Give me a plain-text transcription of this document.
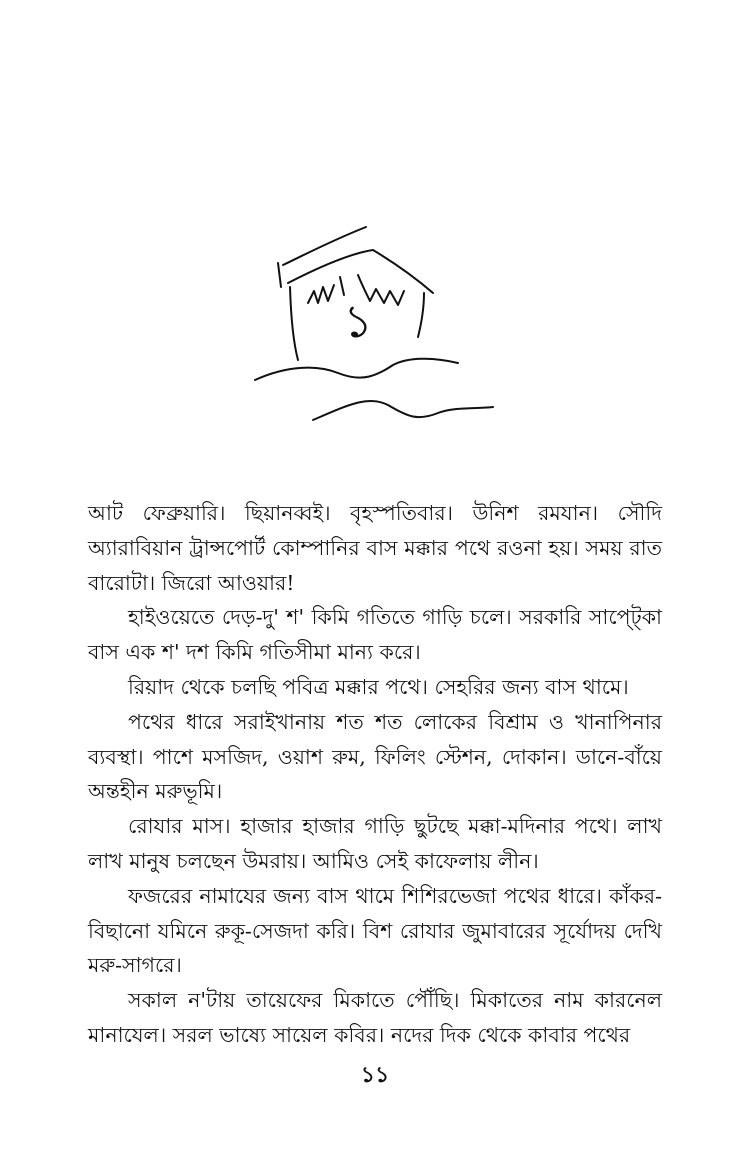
১

আট ফেব্রুয়ারি। ছিয়ানব্বই। বৃহস্পতিবার। উনিশ রমযান। সৌদি অ্যারাবিয়ান ট্রান্সপোর্ট কোম্পানির বাস মক্কার পথে রওনা হয়। সময় রাত বারোটা। জিরো আওয়ার!

হাইওয়েতে দেড়-দু' শ' কিমি গতিতে গাড়ি চলে। সরকারি সাপ্ট্কো বাস এক শ' দশ কিমি গতিসীমা মান্য করে।

রিয়াদ থেকে চলছি পবিত্র মক্কার পথে। সেহরির জন্য বাস থামে।

পথের ধারে সরাইখানায় শত শত লোকের বিশ্রাম ও খানাপিনার ব্যবস্থা। পাশে মসজিদ, ওয়াশ রুম, ফিলিং স্টেশন, দোকান। ডানে-বাঁয়ে অন্তহীন মরুভূমি।

রোযার মাস। হাজার হাজার গাড়ি ছুটছে মক্কা-মদিনার পথে। লাখ লাখ মানুষ চলছেন উমরায়। আমিও সেই কাফেলায় লীন।

ফজরের নামাযের জন্য বাস থামে শিশিরভেজা পথের ধারে। কাঁকর-বিছানো যমিনে রুকূ-সেজদা করি। বিশ রোযার জুমাবারের সূর্যোদয় দেখি মরু-সাগরে।

সকাল ন'টায় তায়েফের মিকাতে পৌঁছি। মিকাতের নাম কারনেল মানাযেল। সরল ভাষ্যে সায়েল কবির। নদের দিক থেকে কাবার পথের

১১
